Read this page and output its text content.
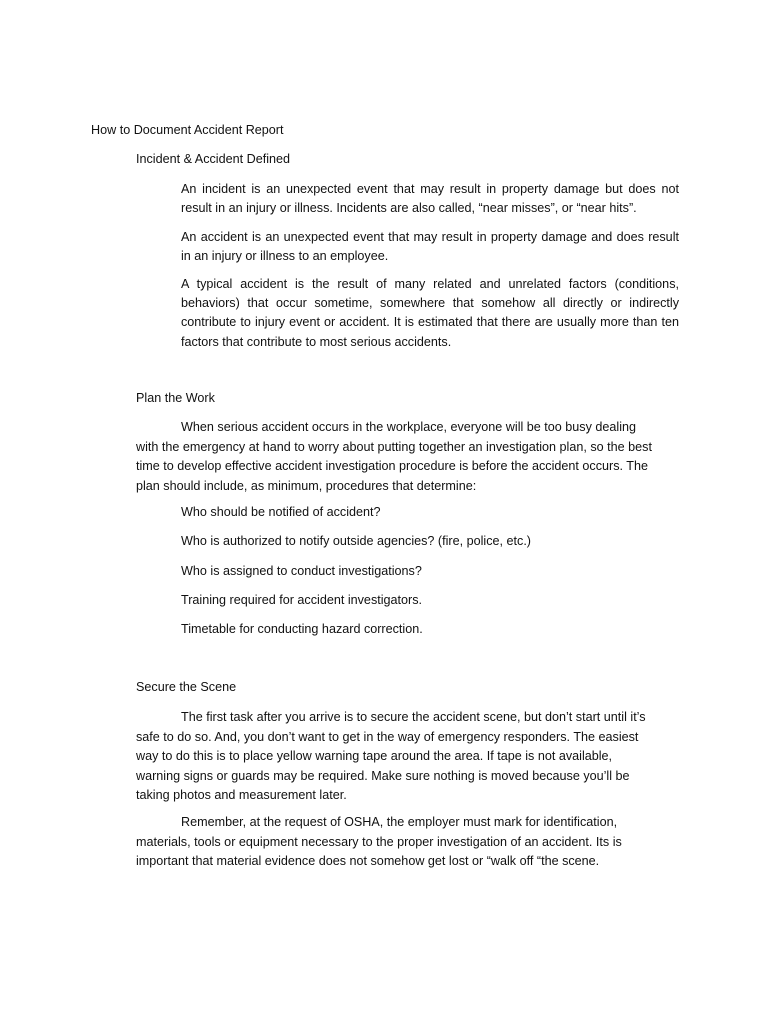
How to Document Accident Report
Incident & Accident Defined

An incident is an unexpected event that may result in property damage but does not result in an injury or illness. Incidents are also called, “near misses”, or “near hits”.

An accident is an unexpected event that may result in property damage and does result in an injury or illness to an employee.

A typical accident is the result of many related and unrelated factors (conditions, behaviors) that occur sometime, somewhere that somehow all directly or indirectly contribute to injury event or accident. It is estimated that there are usually more than ten factors that contribute to most serious accidents.

Plan the Work

When serious accident occurs in the workplace, everyone will be too busy dealing with the emergency at hand to worry about putting together an investigation plan, so the best time to develop effective accident investigation procedure is before the accident occurs. The plan should include, as minimum, procedures that determine:

Who should be notified of accident?
Who is authorized to notify outside agencies? (fire, police, etc.)
Who is assigned to conduct investigations?
Training required for accident investigators.
Timetable for conducting hazard correction.
Secure the Scene

The first task after you arrive is to secure the accident scene, but don’t start until it’s safe to do so. And, you don’t want to get in the way of emergency responders. The easiest way to do this is to place yellow warning tape around the area. If tape is not available, warning signs or guards may be required. Make sure nothing is moved because you’ll be taking photos and measurement later.

Remember, at the request of OSHA, the employer must mark for identification, materials, tools or equipment necessary to the proper investigation of an accident. Its is important that material evidence does not somehow get lost or “walk off “the scene.
